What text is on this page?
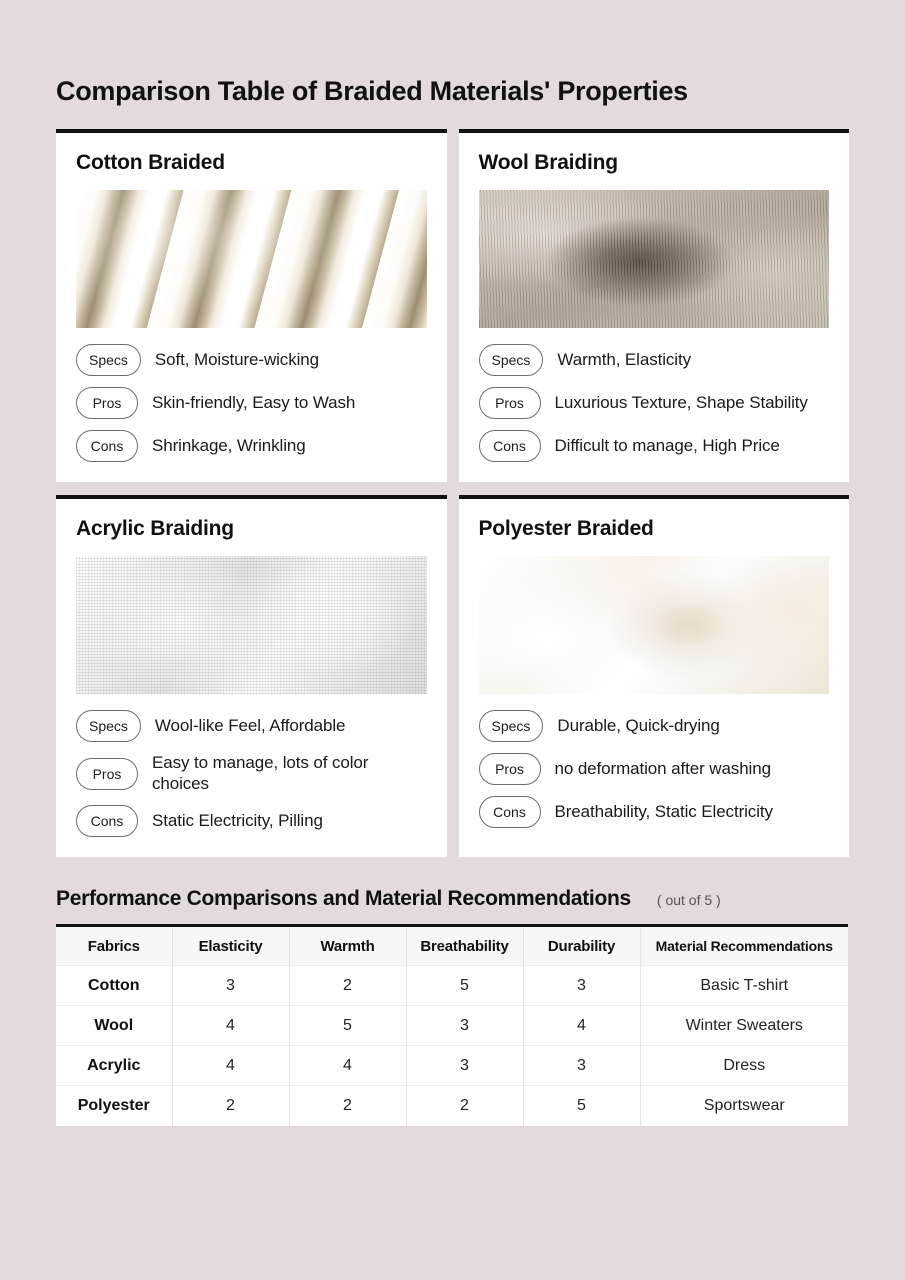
Comparison Table of Braided Materials' Properties
Cotton Braided
Specs	Soft, Moisture-wicking
Pros	Skin-friendly, Easy to Wash
Cons	Shrinkage, Wrinkling
Wool Braiding
Specs	Warmth, Elasticity
Pros	Luxurious Texture, Shape Stability
Cons	Difficult to manage, High Price
Acrylic Braiding
Specs	Wool-like Feel, Affordable
Pros
Easy to manage, lots of color choices
Cons	Static Electricity, Pilling
Polyester Braided
Specs	Durable, Quick-drying
Pros	no deformation after washing
Cons	Breathability, Static Electricity
Performance Comparisons and Material Recommendations ( out of 5 )
Fabrics	Elasticity	Warmth	Breathability	Durability	Material Recommendations
Cotton	3	2	5	3	Basic T-shirt
Wool	4	5	3	4	Winter Sweaters
Acrylic	4	4	3	3	Dress
Polyester	2	2	2	5	Sportswear
